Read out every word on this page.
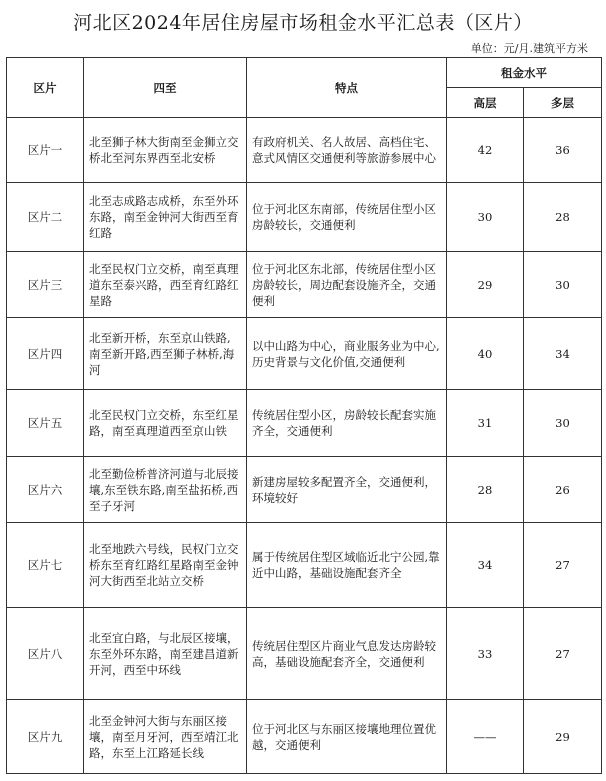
河北区2024年居住房屋市场租金水平汇总表（区片）
单位：元/月.建筑平方米
区片	四至	特点	租金水平	
			高层	多层
区片一	北至狮子林大街南至金狮立交桥北至河东界西至北安桥	有政府机关、名人故居、高档住宅、意式风情区交通便利等旅游参展中心	42	36
区片二	北至志成路志成桥，东至外环东路，南至金钟河大街西至育红路	位于河北区东南部，传统居住型小区房龄较长，交通便利	30	28
区片三	北至民权门立交桥，南至真理道东至泰兴路，西至育红路红星路	位于河北区东北部，传统居住型小区房龄较长，周边配套设施齐全，交通便利	29	30
区片四	北至新开桥，东至京山铁路,南至新开路,西至狮子林桥,海河	以中山路为中心，商业服务业为中心,历史背景与文化价值,交通便利	40	34
区片五	北至民权门立交桥，东至红星路，南至真理道西至京山铁	传统居住型小区，房龄较长配套实施齐全，交通便利	31	30
区片六	北至勤俭桥普济河道与北辰接壤,东至铁东路,南至盐拓桥,西至子牙河	新建房屋较多配置齐全，交通便利，环境较好	28	26
区片七	北至地跌六号线，民权门立交桥东至育红路红星路南至金钟河大街西至北站立交桥	属于传统居住型区域临近北宁公园,靠近中山路，基础设施配套齐全	34	27
区片八	北至宜白路，与北辰区接壤，东至外环东路，南至建昌道新开河，西至中环线	传统居住型区片商业气息发达房龄较高，基础设施配套齐全，交通便利	33	27
区片九	北至金钟河大街与东丽区接壤，南至月牙河，西至靖江北路，东至上江路延长线	位于河北区与东丽区接壤地理位置优越，交通便利	——	29
